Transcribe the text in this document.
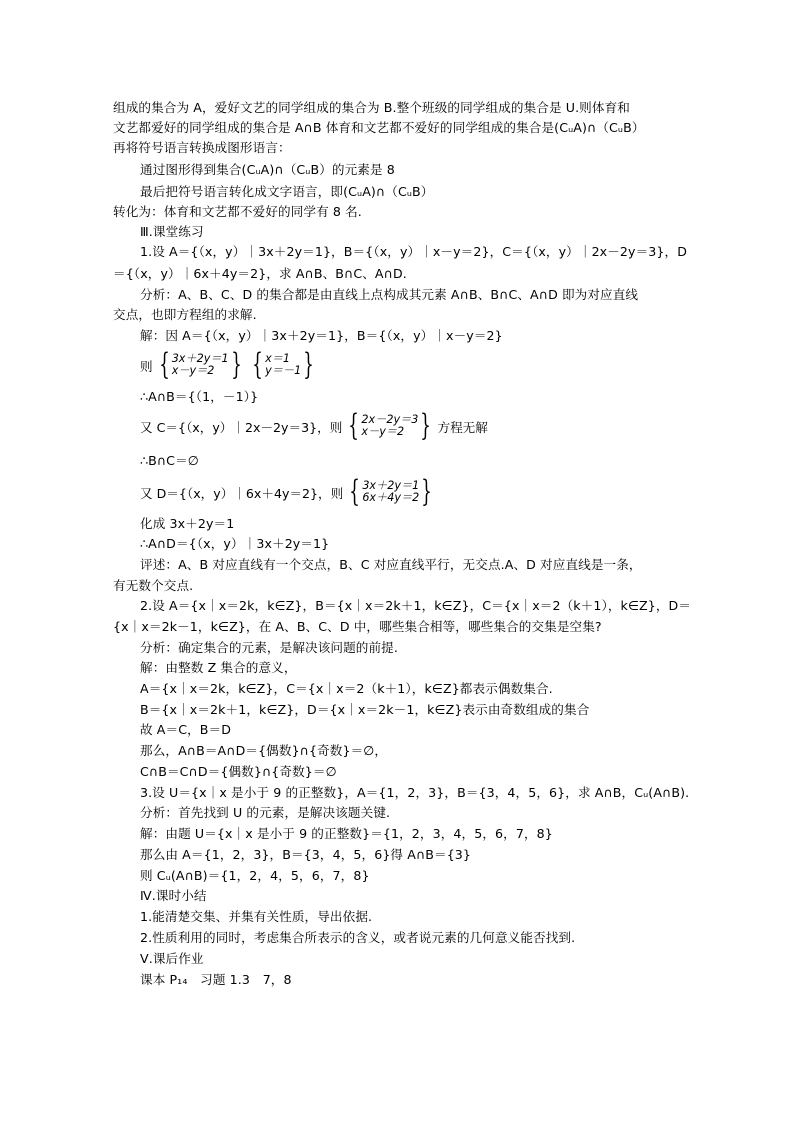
组成的集合为 A，爱好文艺的同学组成的集合为 B.整个班级的同学组成的集合是 U.则体育和
文艺都爱好的同学组成的集合是 A∩B 体育和文艺都不爱好的同学组成的集合是(CᵤA)∩（CᵤB）
再将符号语言转换成图形语言：
通过图形得到集合(CᵤA)∩（CᵤB）的元素是 8
最后把符号语言转化成文字语言，即(CᵤA)∩（CᵤB）
转化为：体育和文艺都不爱好的同学有 8 名.
Ⅲ.课堂练习
1.设 A＝{（x，y）｜3x＋2y＝1}，B＝{（x，y）｜x－y＝2}，C＝{（x，y）｜2x－2y＝3}，D
＝{（x，y）｜6x＋4y＝2}，求 A∩B、B∩C、A∩D.
分析：A、B、C、D 的集合都是由直线上点构成其元素 A∩B、B∩C、A∩D 即为对应直线
交点，也即方程组的求解.
解：因 A＝{（x，y）｜3x＋2y＝1}，B＝{（x，y）｜x－y＝2}
则 { 3x＋2y＝1
x－y＝2 } { x＝1
y＝－1 }
∴A∩B＝{（1，－1）}
又 C＝{（x，y）｜2x－2y＝3}，则 { 2x－2y＝3
x－y＝2 } 方程无解
∴B∩C＝∅
又 D＝{（x，y）｜6x＋4y＝2}，则 { 3x＋2y＝1
6x＋4y＝2 }
化成 3x＋2y＝1
∴A∩D＝{（x，y）｜3x＋2y＝1}
评述：A、B 对应直线有一个交点，B、C 对应直线平行，无交点.A、D 对应直线是一条，
有无数个交点.
2.设 A＝{x｜x＝2k，k∈Z}，B＝{x｜x＝2k＋1，k∈Z}，C＝{x｜x＝2（k＋1），k∈Z}，D＝
{x｜x＝2k－1，k∈Z}，在 A、B、C、D 中，哪些集合相等，哪些集合的交集是空集?
分析：确定集合的元素，是解决该问题的前提.
解：由整数 Z 集合的意义，
A＝{x｜x＝2k，k∈Z}，C＝{x｜x＝2（k＋1），k∈Z}都表示偶数集合.
B＝{x｜x＝2k＋1，k∈Z}，D＝{x｜x＝2k－1，k∈Z}表示由奇数组成的集合
故 A＝C，B＝D
那么，A∩B＝A∩D＝{偶数}∩{奇数}＝∅，
C∩B＝C∩D＝{偶数}∩{奇数}＝∅
3.设 U＝{x｜x 是小于 9 的正整数}，A＝{1，2，3}，B＝{3，4，5，6}，求 A∩B，Cᵤ(A∩B).
分析：首先找到 U 的元素，是解决该题关键.
解：由题 U＝{x｜x 是小于 9 的正整数}＝{1，2，3，4，5，6，7，8}
那么由 A＝{1，2，3}，B＝{3，4，5，6}得 A∩B＝{3}
则 Cᵤ(A∩B)＝{1，2，4，5，6，7，8}
Ⅳ.课时小结
1.能清楚交集、并集有关性质，导出依据.
2.性质利用的同时，考虑集合所表示的含义，或者说元素的几何意义能否找到.
Ⅴ.课后作业
课本 P₁₄　习题 1.3　7，8
